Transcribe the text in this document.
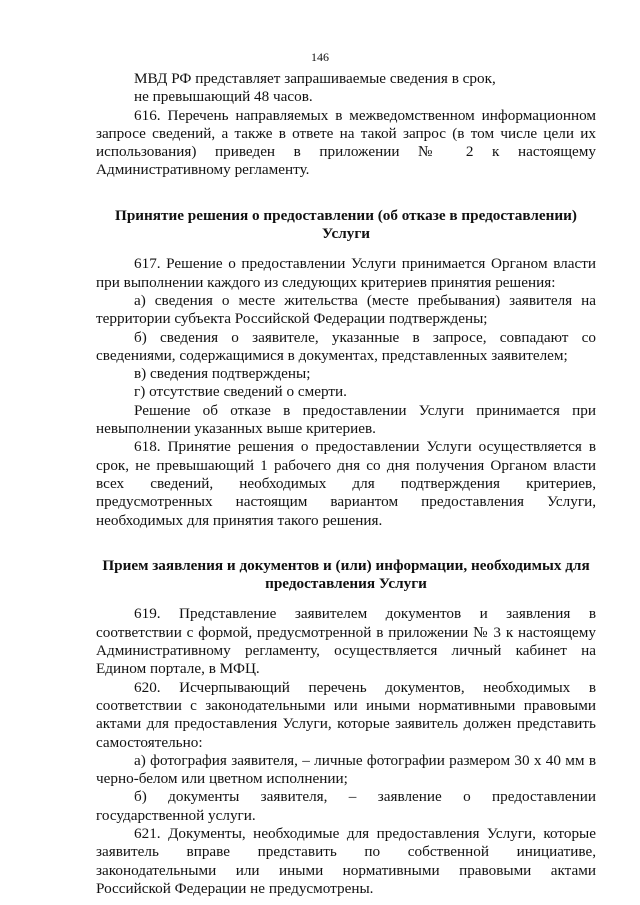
146

МВД РФ представляет запрашиваемые сведения в срок,

не превышающий 48 часов.

616. Перечень направляемых в межведомственном информационном запросе сведений, а также в ответе на такой запрос (в том числе цели их использования) приведен в приложении № 2 к настоящему Административному регламенту.

Принятие решения о предоставлении (об отказе в предоставлении) Услуги

617. Решение о предоставлении Услуги принимается Органом власти при выполнении каждого из следующих критериев принятия решения:

а) сведения о месте жительства (месте пребывания) заявителя на территории субъекта Российской Федерации подтверждены;

б) сведения о заявителе, указанные в запросе, совпадают со сведениями, содержащимися в документах, представленных заявителем;

в) сведения подтверждены;

г) отсутствие сведений о смерти.

Решение об отказе в предоставлении Услуги принимается при невыполнении указанных выше критериев.

618. Принятие решения о предоставлении Услуги осуществляется в срок, не превышающий 1 рабочего дня со дня получения Органом власти всех сведений, необходимых для подтверждения критериев, предусмотренных настоящим вариантом предоставления Услуги, необходимых для принятия такого решения.

Прием заявления и документов и (или) информации, необходимых для предоставления Услуги

619. Представление заявителем документов и заявления в соответствии с формой, предусмотренной в приложении № 3 к настоящему Административному регламенту, осуществляется личный кабинет на Едином портале, в МФЦ.

620. Исчерпывающий перечень документов, необходимых в соответствии с законодательными или иными нормативными правовыми актами для предоставления Услуги, которые заявитель должен представить самостоятельно:

а) фотография заявителя, – личные фотографии размером 30 х 40 мм в черно-белом или цветном исполнении;

б) документы заявителя, – заявление о предоставлении государственной услуги.

621. Документы, необходимые для предоставления Услуги, которые заявитель вправе представить по собственной инициативе, законодательными или иными нормативными правовыми актами Российской Федерации не предусмотрены.
